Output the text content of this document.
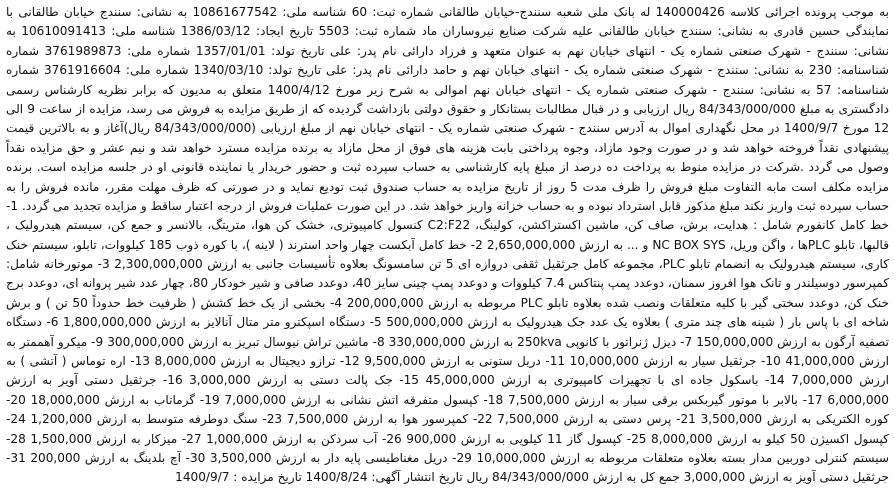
به موجب پرونده اجرائی کلاسه 140000426 له بانک ملی شعبه سنندج-خیابان طالقانی شماره ثبت: 60 شناسه ملی: 10861677542 به نشانی: سنندج خیابان طالقانی با نمایندگی حسین قادری به نشانی: سنندج خیابان طالقانی علیه شرکت صنایع نیروساران ماد شماره ثبت: 5503 تاریخ ایجاد: 1386/03/12 شناسه ملی: 10610091413 به نشانی: سنندج - شهرک صنعتی شماره یک - انتهای خیابان نهم به عنوان متعهد و فرزاد دارائی نام پدر: علی تاریخ تولد: 1357/01/01 شماره ملی: 3761989873 شماره شناسنامه: 230 به نشانی: سنندج - شهرک صنعتی شماره یک - انتهای خیابان نهم و حامد دارائی نام پدر: علی تاریخ تولد: 1340/03/10 شماره ملی: 3761916604 شماره شناسنامه: 57 به نشانی: سنندج - شهرک صنعتی شماره یک - انتهای خیابان نهم اموالی به شرح زیر مورخ 1400/4/12 متعلق به مدیون که برابر نظریه کارشناس رسمی دادگستری به مبلغ 84/343/000/000 ریال ارزیابی و در قبال مطالبات بستانکار و حقوق دولتی بازداشت گردیده که از طریق مزایده به فروش می رسد، مزایده از ساعت 9 الی 12 مورخ 1400/9/7 در محل نگهداری اموال به آدرس سنندج - شهرک صنعتی شماره یک - انتهای خیابان نهم از مبلغ ارزیابی (84/343/000/000 ریال)آغاز و به بالاترین قیمت پیشنهادی نقداً فروخته خواهد شد و در صورت وجود مازاد، وجوه پرداختی بابت هزینه های فوق از محل مازاد به برنده مزایده مسترد خواهد شد و نیم عشر و حق مزایده نقداً وصول می گردد .شرکت در مزایده منوط به پرداخت ده درصد از مبلغ پایه کارشناسی به حساب سپرده ثبت و حضور خریدار یا نماینده قانونی او در جلسه مزایده است. برنده مزایده مکلف است مابه التفاوت مبلغ فروش را ظرف مدت 5 روز از تاریخ مزایده به حساب صندوق ثبت تودیع نماید و در صورتی که ظرف مهلت مقرر، مانده فروش را به حساب سپرده ثبت واریز نکند مبلغ مذکور قابل استرداد نبوده و به حساب خزانه واریز خواهد شد. در این صورت عملیات فروش از درجه اعتبار ساقط و مزایده تجدید می گردد. 1- خط کامل کانفورم شامل : هدایت، برش، صاف کن، ماشین اکستراکشن، کولینگ، C2:F22 کنسول کامپیوتری، خشک کن هوا، متریتگ، بالانسر و جمع کن، سیستم هیدرولیک ، قالبها، تابلو PLCها ، واگن وریل، NC BOX SYS و ... به ارزش 2,650,000,000 2- خط کامل آبکست چهار واحد استرند ( لاینه )، با کوره ذوب 185 کیلووات، تابلو، سیستم خنک کاری، سیستم هیدرولیک به انضمام تابلو PLC، مجموعه کامل جرثقیل ثقفی دروازه ای 5 تن سامسونگ بعلاوه تأسیسات جانبی به ارزش 2,300,000,000 3- موتورخانه شامل: کمپرسور دوسیلندر و تانک هوا افروز سمنان، دوعدد پمپ پنتاکس 7.4 کیلووات و دوعدد پمپ چینی سایز 40، دوعدد صافی و شیر خودکار 80، چهار عدد شیر پروانه ای، دوعدد برج خنک کن، دوعدد سختی گیر با کلیه متعلقات ونصب شده بعلاوه تابلو PLC مربوطه به ارزش 200,000,000 4- بخشی از یک خط کشش ( ظرفیت خط حدوداً 50 تن ) و برش شاخه ای با پاس بار ( شینه های چند متری ) بعلاوه یک عدد جک هیدرولیک به ارزش 500,000,000 5- دستگاه اسپکترو متر متال آنالایز به ارزش 1,800,000,000 6- دستگاه تصفیه آرگون به ارزش 150,000,000 7- دیزل ژنراتور با کانوپی 250kva به ارزش 330,000,000 8- ماشین تراش نیوسال تبریز به ارزش 300,000,000 9- میکرو آهممتر به ارزش 41,000,000 10- جرثقیل سیار به ارزش 10,000,000 11- دریل ستونی به ارزش 9,500,000 12- ترازو دیجیتال به ارزش 8,000,000 13- اره توماس ( آتشی ) به ارزش 7,000,000 14- باسکول جاده ای با تجهیزات کامپیوتری به ارزش 45,000,000 15- جک پالت دستی به ارزش 3,000,000 16- جرثقیل دستی آویز به ارزش 6,000,000 17- بالابر با موتور گیربکس برقی سیار به ارزش 7,500,000 18- کپسول متفرقه اتش نشانی به ارزش 7,000,000 19- گرماتاب به ارزش 18,000,000 20- کوره الکتریکی به ارزش 3,500,000 21- پرس دستی به ارزش 7,500,000 22- کمپرسور هوا به ارزش 7,500,000 23- سنگ دوطرفه متوسط به ارزش 1,200,000 24- کپسول اکسیژن 50 کیلو به ارزش 8,000,000 25- کپسول گاز 11 کیلویی به ارزش 900,000 26- آب سردکن به ارزش 1,000,000 27- میزکار به ارزش 1,500,000 28- سیستم کنترلی دوربین مدار بسته بعلاوه متعلقات مربوطه به ارزش 10,000,000 29- دریل مغناطیسی پایه دار به ارزش 3,500,000 30- آچ بلدینگ به ارزش 200,000 31- جرثقیل دستی آویز به ارزش 3,000,000 جمع کل به ارزش 84/343/000/000 ریال تاریخ انتشار آگهی: 1400/8/24 تاریخ مزایده : 1400/9/7
